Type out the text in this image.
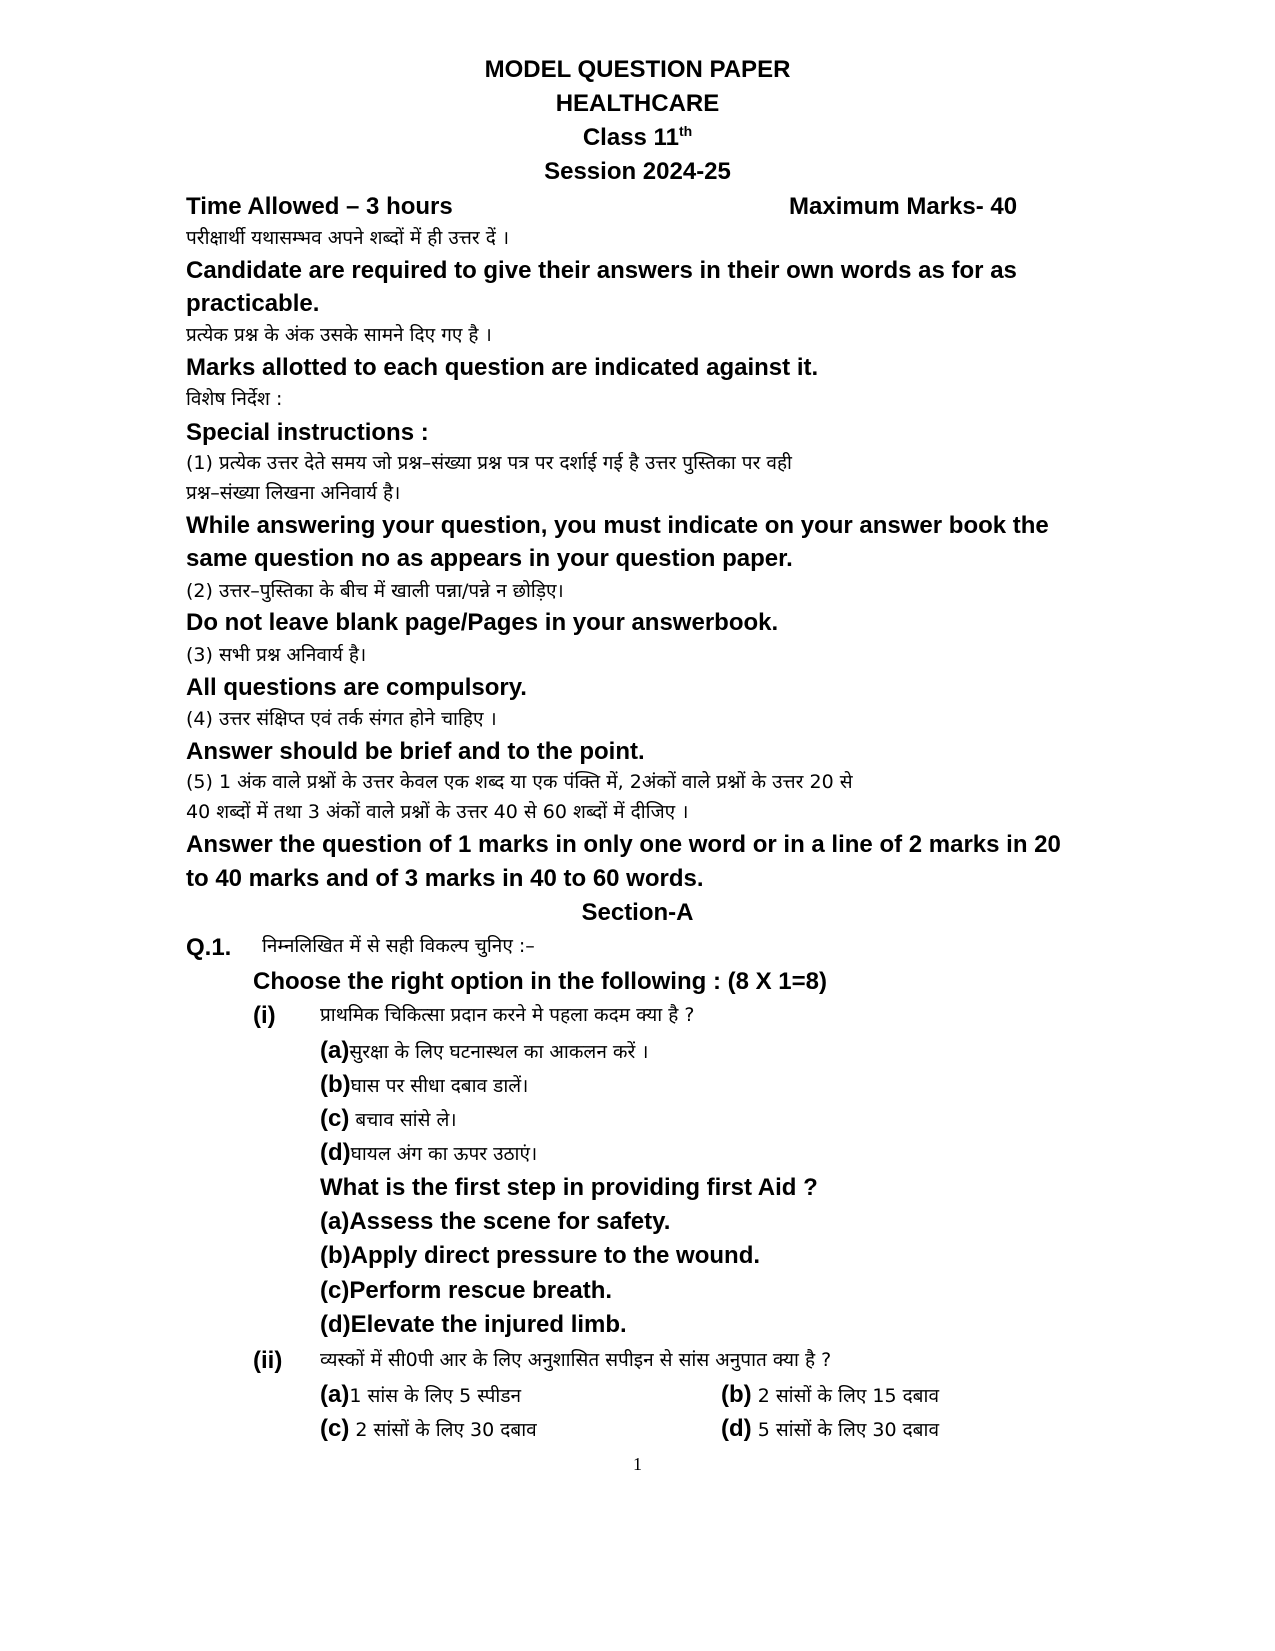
MODEL QUESTION PAPER
HEALTHCARE
Class 11th
Session 2024-25
Time Allowed – 3 hours	Maximum Marks- 40
परीक्षार्थी यथासम्भव अपने शब्दों में ही उत्तर दें ।
Candidate are required to give their answers in their own words as for as
practicable.
प्रत्येक प्रश्न के अंक उसके सामने दिए गए है ।
Marks allotted to each question are indicated against it.
विशेष निर्देश :
Special instructions :
(1) प्रत्येक उत्तर देते समय जो प्रश्न–संख्या प्रश्न पत्र पर दर्शाई गई है उत्तर पुस्तिका पर वही
प्रश्न–संख्या लिखना अनिवार्य है।
While answering your question, you must indicate on your answer book the
same question no as appears in your question paper.
(2) उत्तर–पुस्तिका के बीच में खाली पन्ना/पन्ने न छोड़िए।
Do not leave blank page/Pages in your answerbook.
(3) सभी प्रश्न अनिवार्य है।
All questions are compulsory.
(4) उत्तर संक्षिप्त एवं तर्क संगत होने चाहिए ।
Answer should be brief and to the point.
(5) 1 अंक वाले प्रश्नों के उत्तर केवल एक शब्द या एक पंक्ति में, 2अंकों वाले प्रश्नों के उत्तर 20 से
40 शब्दों में तथा 3 अंकों वाले प्रश्नों के उत्तर 40 से 60 शब्दों में दीजिए ।
Answer the question of 1 marks in only one word or in a line of 2 marks in 20
to 40 marks and of 3 marks in 40 to 60 words.
Section-A
Q.1. निम्नलिखित में से सही विकल्प चुनिए :–
Choose the right option in the following : (8 X 1=8)
(i) प्राथमिक चिकित्सा प्रदान करने मे पहला कदम क्या है ?
(a)सुरक्षा के लिए घटनास्थल का आकलन करें ।
(b)घास पर सीधा दबाव डालें।
(c) बचाव सांसे ले।
(d)घायल अंग का ऊपर उठाएं।
What is the first step in providing first Aid ?
(a)Assess the scene for safety.
(b)Apply direct pressure to the wound.
(c)Perform rescue breath.
(d)Elevate the injured limb.
(ii) व्यस्कों में सी0पी आर के लिए अनुशासित सपीइन से सांस अनुपात क्या है ?
(a)1 सांस के लिए 5 स्पीडन	(b) 2 सांसों के लिए 15 दबाव
(c) 2 सांसों के लिए 30 दबाव	(d) 5 सांसों के लिए 30 दबाव
1
